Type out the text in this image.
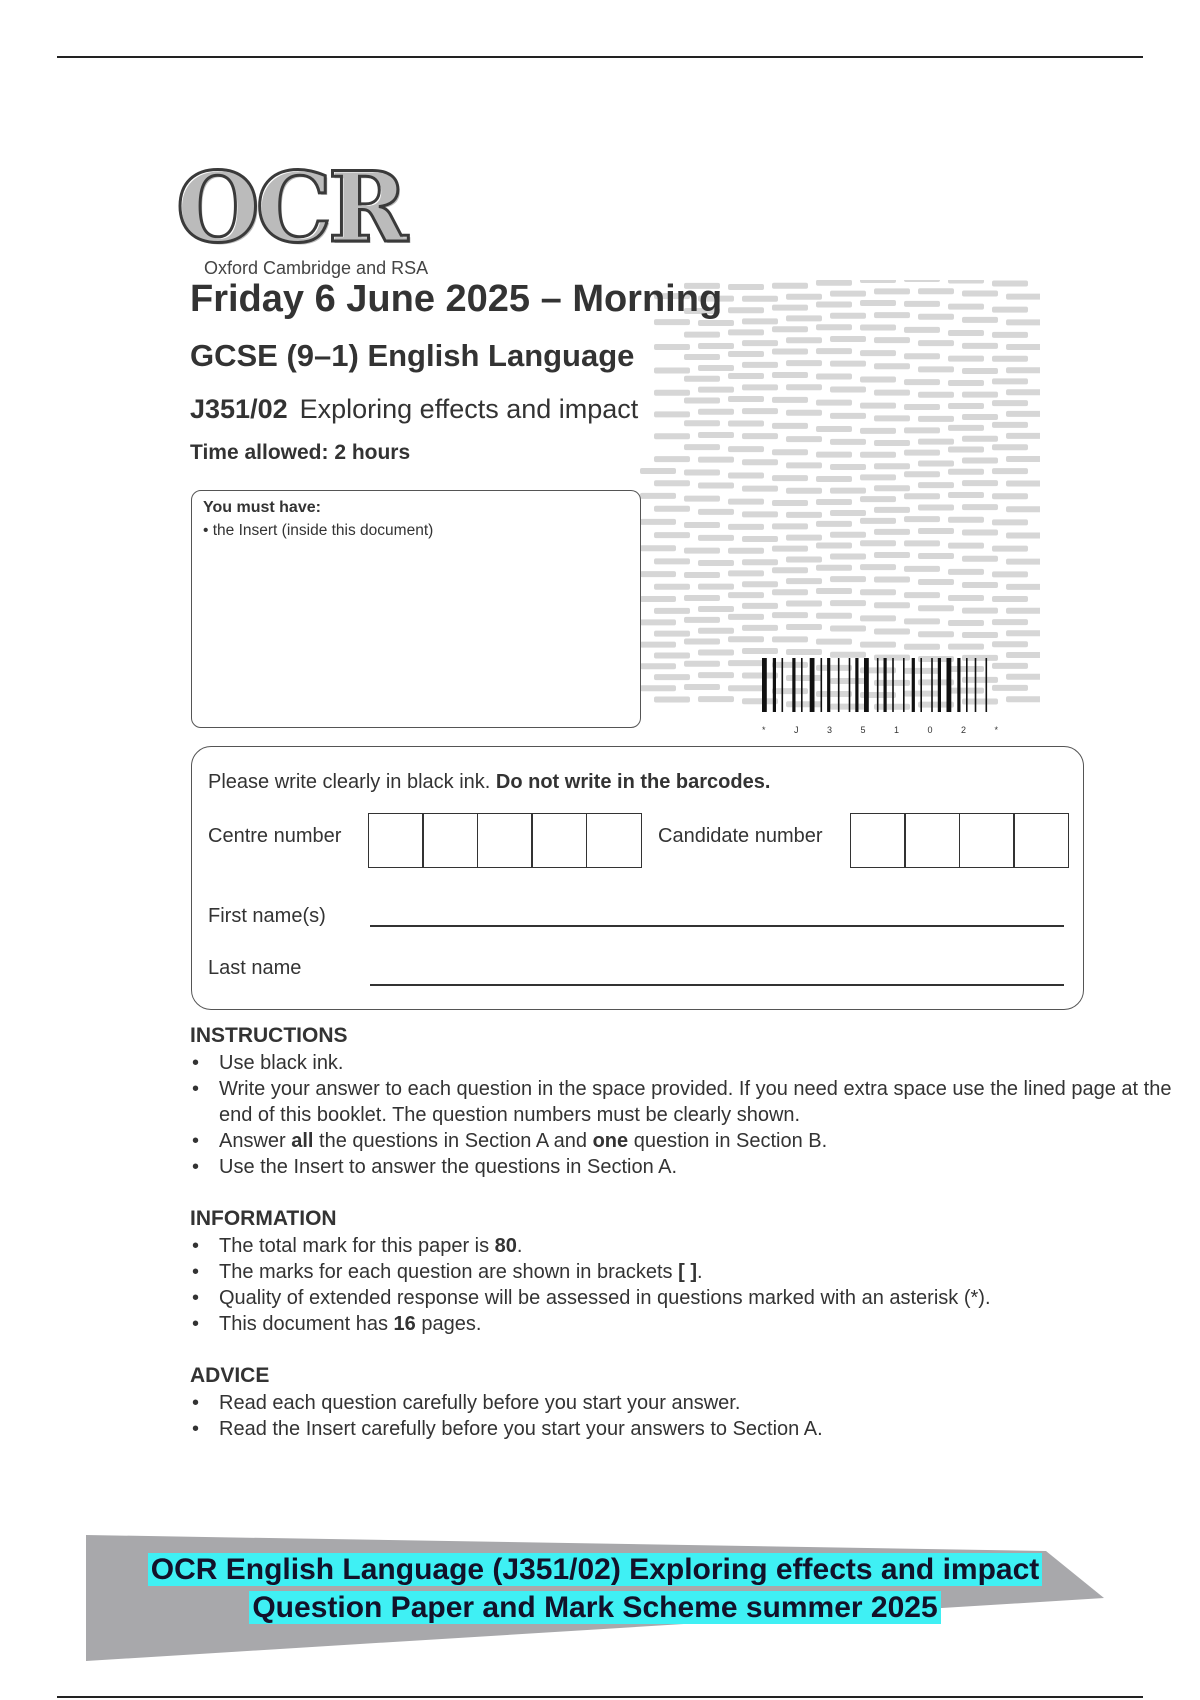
OCR
Oxford Cambridge and RSA
Friday 6 June 2025 – Morning
GCSE (9–1) English Language
J351/02 Exploring effects and impact
Time allowed: 2 hours
You must have:
• the Insert (inside this document)
* J 3 5 1 0 2 *
Please write clearly in black ink. Do not write in the barcodes.
Centre number	Candidate number
First name(s)
Last name
INSTRUCTIONS
• Use black ink.
• Write your answer to each question in the space provided. If you need extra space use the lined page at the end of this booklet. The question numbers must be clearly shown.
• Answer all the questions in Section A and one question in Section B.
• Use the Insert to answer the questions in Section A.
INFORMATION
• The total mark for this paper is 80.
• The marks for each question are shown in brackets [ ].
• Quality of extended response will be assessed in questions marked with an asterisk (*).
• This document has 16 pages.
ADVICE
• Read each question carefully before you start your answer.
• Read the Insert carefully before you start your answers to Section A.
OCR English Language (J351/02) Exploring effects and impact
Question Paper and Mark Scheme summer 2025
